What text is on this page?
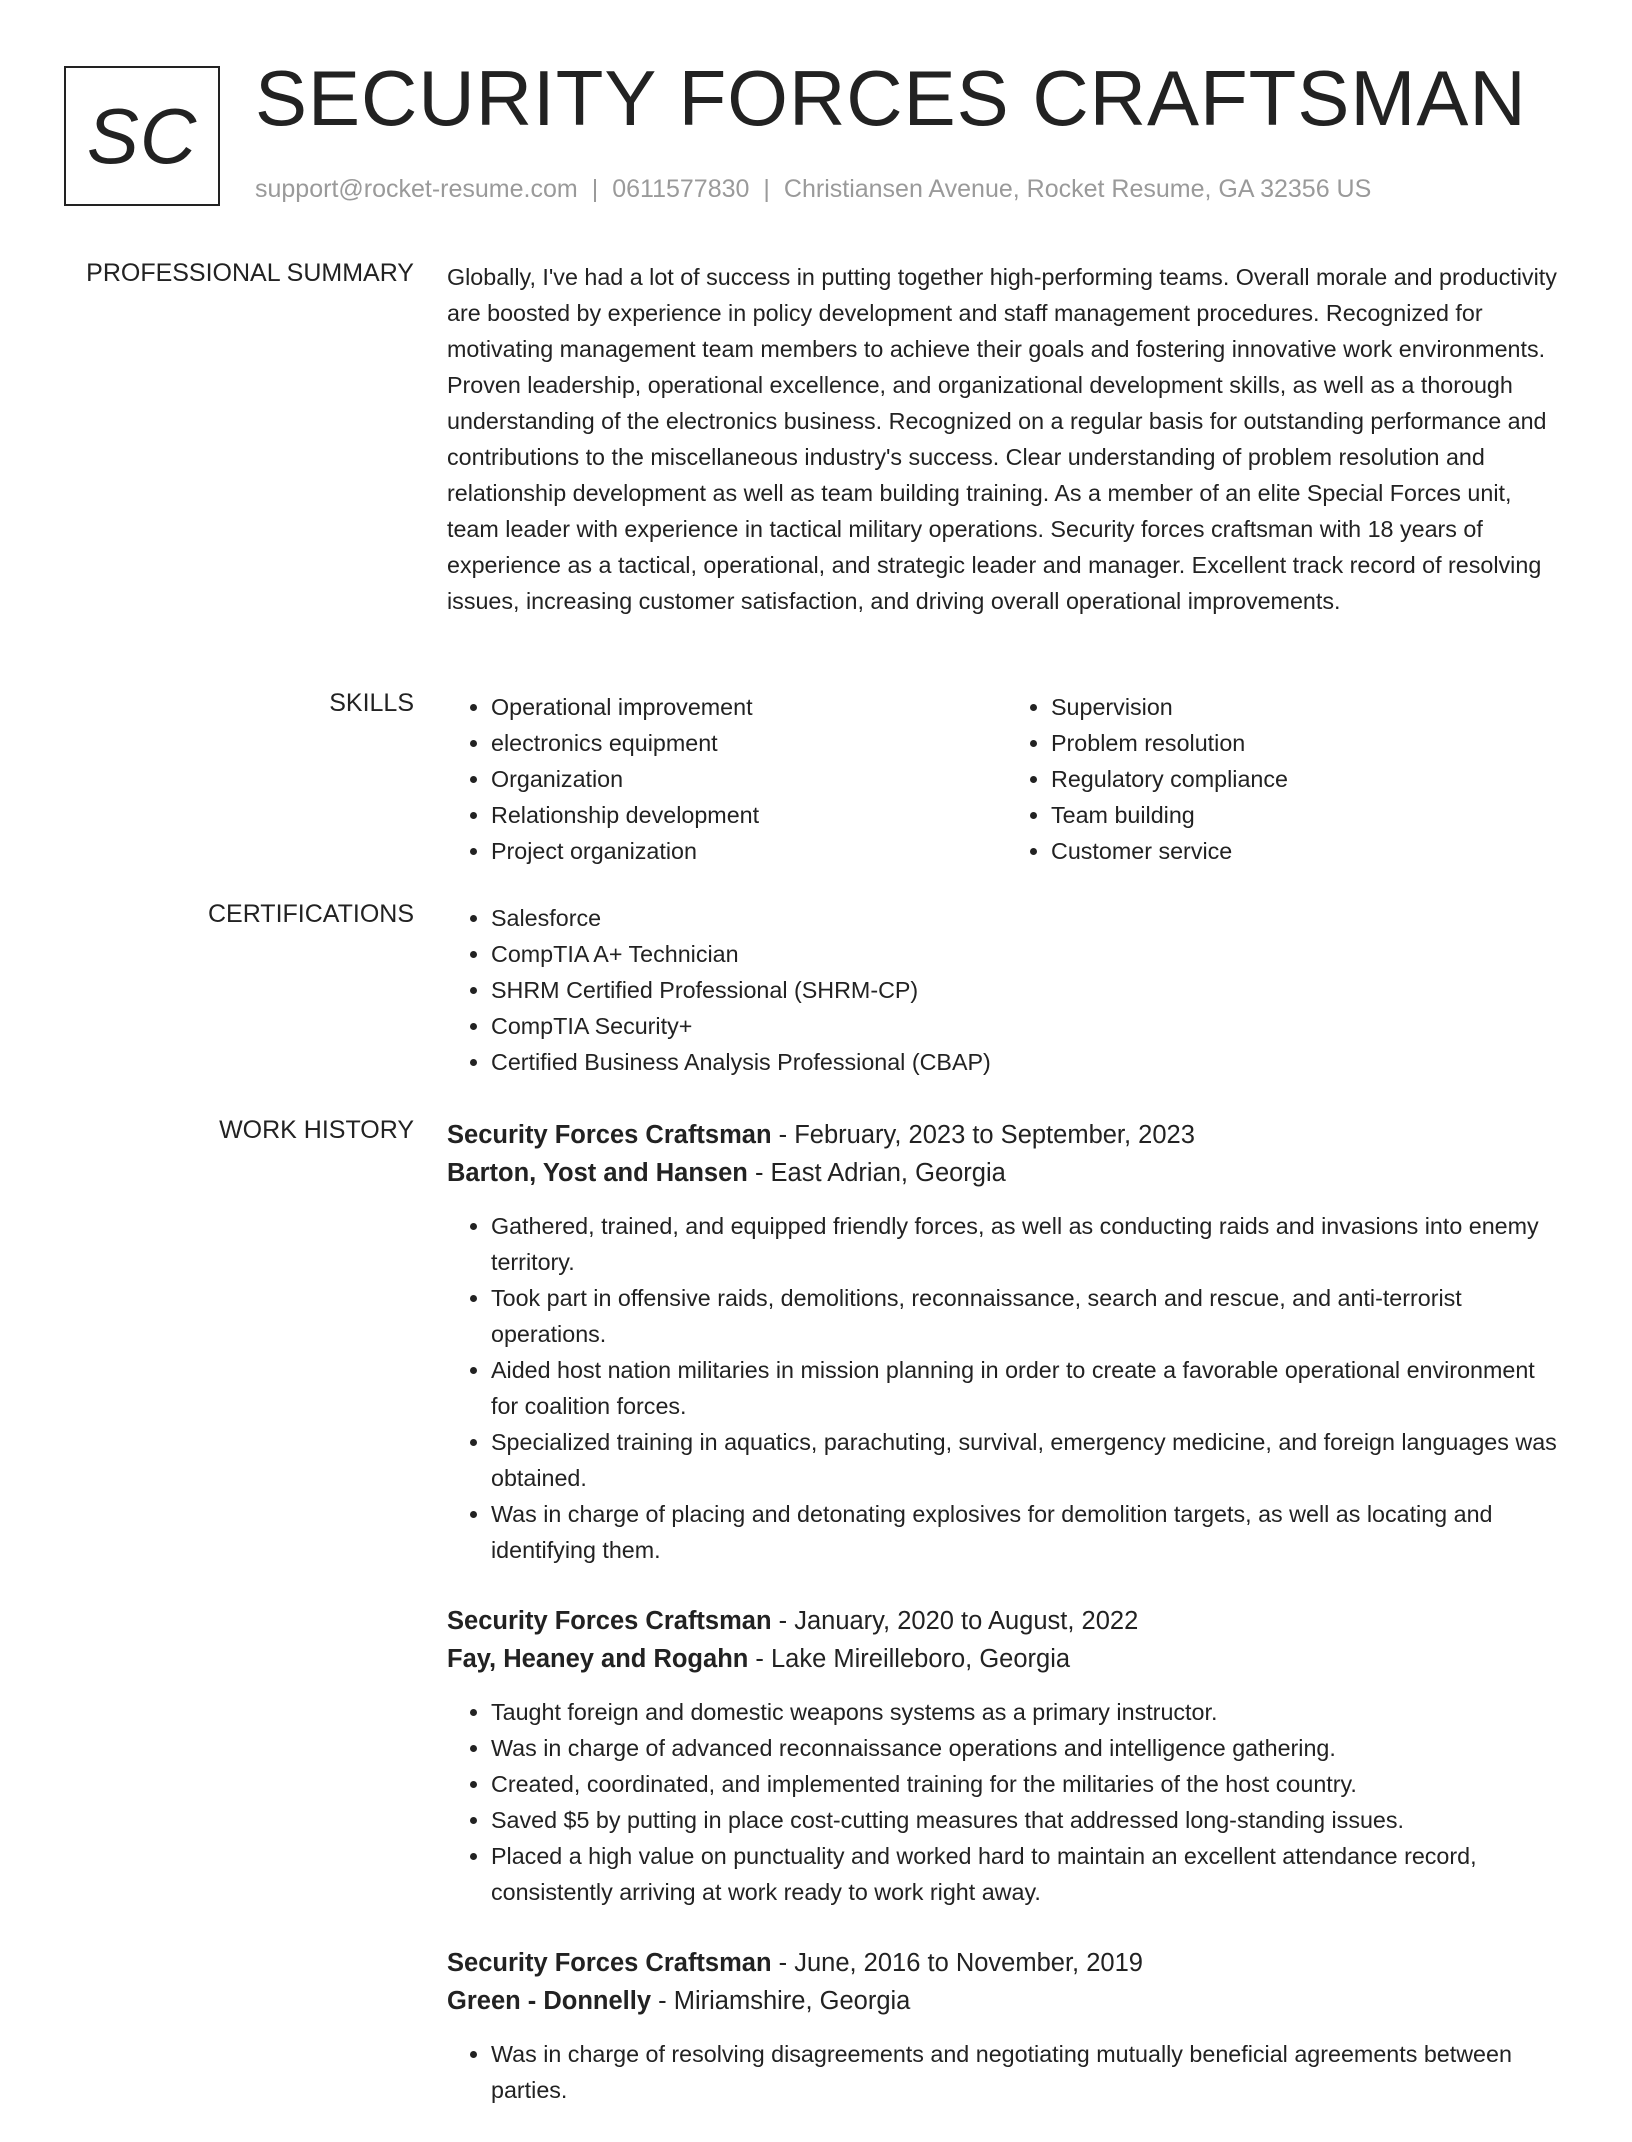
SC SECURITY FORCES CRAFTSMAN
support@rocket-resume.com | 0611577830 | Christiansen Avenue, Rocket Resume, GA 32356 US
PROFESSIONAL SUMMARY Globally, I've had a lot of success in putting together high-performing teams. Overall morale and productivity are boosted by experience in policy development and staff management procedures. Recognized for motivating management team members to achieve their goals and fostering innovative work environments. Proven leadership, operational excellence, and organizational development skills, as well as a thorough understanding of the electronics business. Recognized on a regular basis for outstanding performance and contributions to the miscellaneous industry's success. Clear understanding of problem resolution and relationship development as well as team building training. As a member of an elite Special Forces unit, team leader with experience in tactical military operations. Security forces craftsman with 18 years of experience as a tactical, operational, and strategic leader and manager. Excellent track record of resolving issues, increasing customer satisfaction, and driving overall operational improvements.
SKILLS	• Operational improvement
• electronics equipment
• Organization
• Relationship development
• Project organization
• Supervision
• Problem resolution
• Regulatory compliance
• Team building
• Customer service
CERTIFICATIONS	• Salesforce
• CompTIA A+ Technician
• SHRM Certified Professional (SHRM-CP)
• CompTIA Security+
• Certified Business Analysis Professional (CBAP)
WORK HISTORY Security Forces Craftsman - February, 2023 to September, 2023
Barton, Yost and Hansen - East Adrian, Georgia
• Gathered, trained, and equipped friendly forces, as well as conducting raids and invasions into enemy territory.
• Took part in offensive raids, demolitions, reconnaissance, search and rescue, and anti-terrorist operations.
• Aided host nation militaries in mission planning in order to create a favorable operational environment for coalition forces.
• Specialized training in aquatics, parachuting, survival, emergency medicine, and foreign languages was obtained.
• Was in charge of placing and detonating explosives for demolition targets, as well as locating and identifying them.
Security Forces Craftsman - January, 2020 to August, 2022
Fay, Heaney and Rogahn - Lake Mireilleboro, Georgia
• Taught foreign and domestic weapons systems as a primary instructor.
• Was in charge of advanced reconnaissance operations and intelligence gathering.
• Created, coordinated, and implemented training for the militaries of the host country.
• Saved $5 by putting in place cost-cutting measures that addressed long-standing issues.
• Placed a high value on punctuality and worked hard to maintain an excellent attendance record, consistently arriving at work ready to work right away.
Security Forces Craftsman - June, 2016 to November, 2019
Green - Donnelly - Miriamshire, Georgia
• Was in charge of resolving disagreements and negotiating mutually beneficial agreements between parties.
